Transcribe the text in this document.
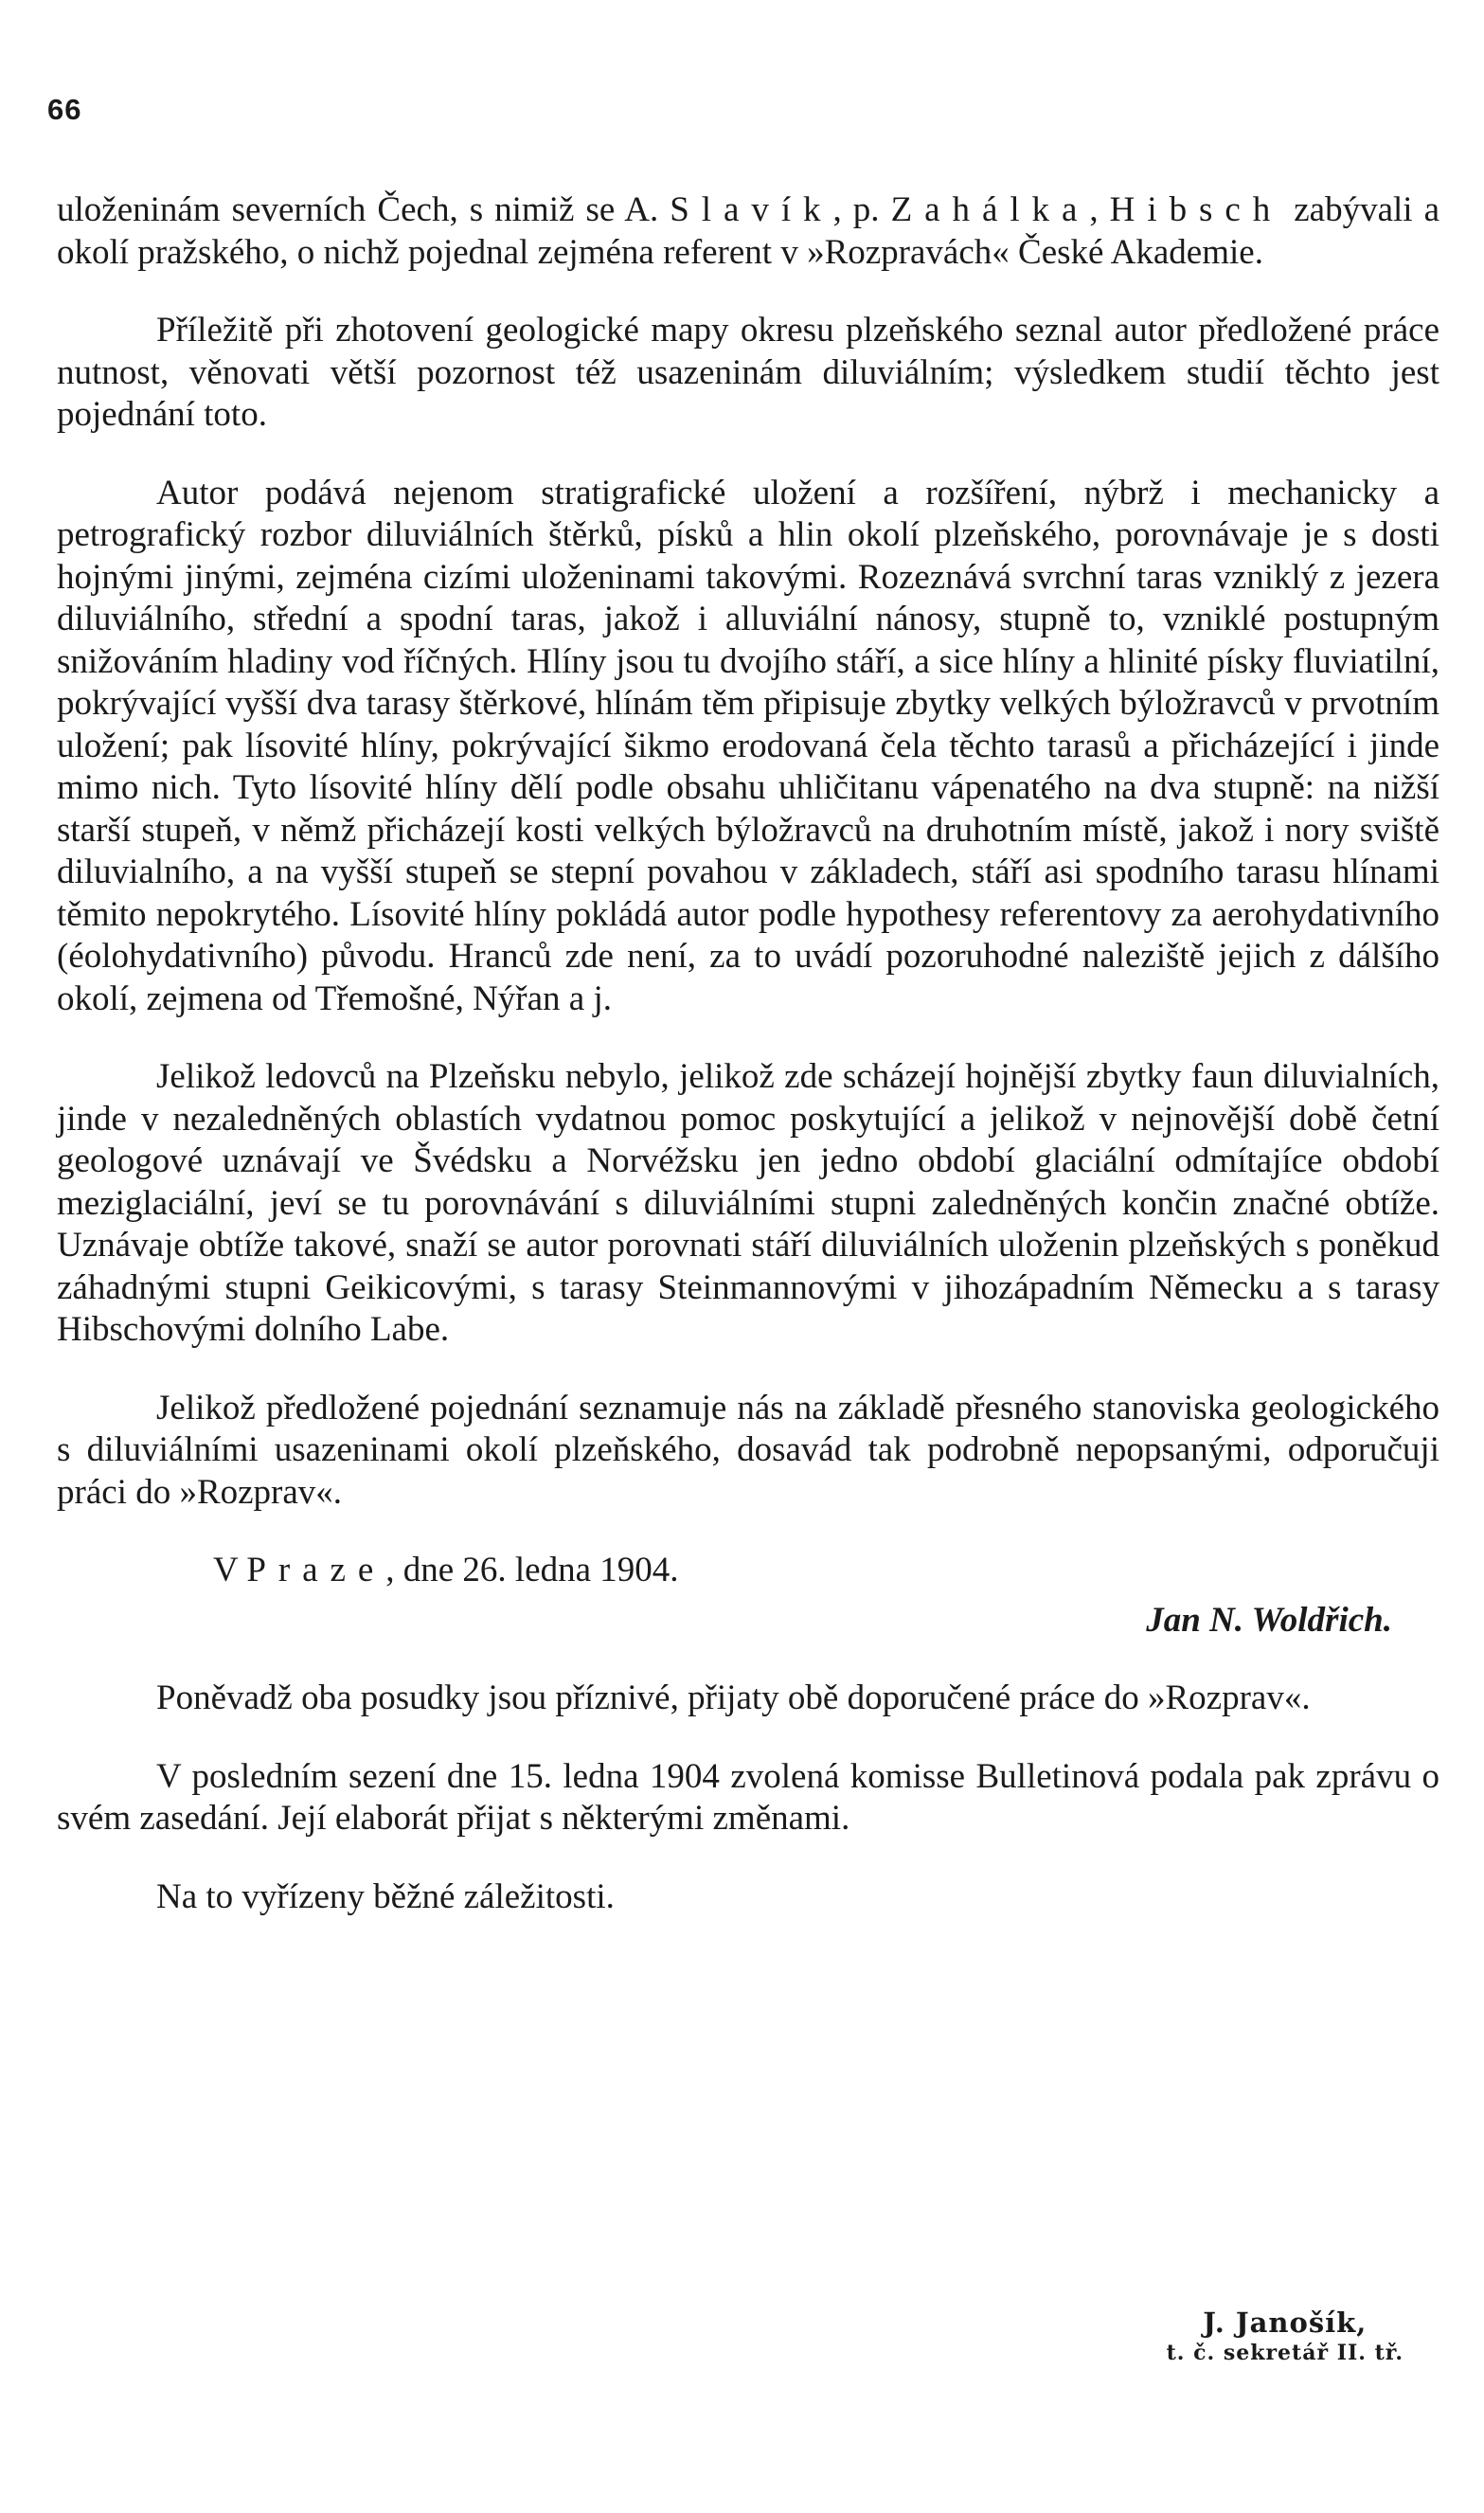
66

uloženinám severních Čech, s nimiž se A. Slavík, p. Zahálka, Hibsch zabývali a okolí pražského, o nichž pojednal zejména referent v »Rozpravách« České Akademie.

Příležitě při zhotovení geologické mapy okresu plzeňského seznal autor předložené práce nutnost, věnovati větší pozornost též usazeninám diluviálním; výsledkem studií těchto jest pojednání toto.

Autor podává nejenom stratigrafické uložení a rozšíření, nýbrž i mechanicky a petrografický rozbor diluviálních štěrků, písků a hlin okolí plzeňského, porovnávaje je s dosti hojnými jinými, zejména cizími uloženinami takovými. Rozeznává svrchní taras vzniklý z jezera diluviálního, střední a spodní taras, jakož i alluviální nánosy, stupně to, vzniklé postupným snižováním hladiny vod říčných. Hlíny jsou tu dvojího stáří, a sice hlíny a hlinité písky fluviatilní, pokrývající vyšší dva tarasy štěrkové, hlínám těm připisuje zbytky velkých býložravců v prvotním uložení; pak lísovité hlíny, pokrývající šikmo erodovaná čela těchto tarasů a přicházející i jinde mimo nich. Tyto lísovité hlíny dělí podle obsahu uhličitanu vápenatého na dva stupně: na nižší starší stupeň, v němž přicházejí kosti velkých býložravců na druhotním místě, jakož i nory sviště diluvialního, a na vyšší stupeň se stepní povahou v základech, stáří asi spodního tarasu hlínami těmito nepokrytého. Lísovité hlíny pokládá autor podle hypothesy referentovy za aerohydativního (éolohydativního) původu. Hranců zde není, za to uvádí pozoruhodné naleziště jejich z dálšího okolí, zejmena od Třemošné, Nýřan a j.

Jelikož ledovců na Plzeňsku nebylo, jelikož zde scházejí hojnější zbytky faun diluvialních, jinde v nezaledněných oblastích vydatnou pomoc poskytující a jelikož v nejnovější době četní geologové uznávají ve Švédsku a Norvéžsku jen jedno období glaciální odmítajíce období meziglaciální, jeví se tu porovnávání s diluviálními stupni zaledněných končin značné obtíže. Uznávaje obtíže takové, snaží se autor porovnati stáří diluviálních uloženin plzeňských s poněkud záhadnými stupni Geikicovými, s tarasy Steinmannovými v jihozápadním Německu a s tarasy Hibschovými dolního Labe.

Jelikož předložené pojednání seznamuje nás na základě přesného stanoviska geologického s diluviálními usazeninami okolí plzeňského, dosavád tak podrobně nepopsanými, odporučuji práci do »Rozprav«.

V Praze, dne 26. ledna 1904.

Jan N. Woldřich.

Poněvadž oba posudky jsou příznivé, přijaty obě doporučené práce do »Rozprav«.

V posledním sezení dne 15. ledna 1904 zvolená komisse Bulletinová podala pak zprávu o svém zasedání. Její elaborát přijat s některými změnami.

Na to vyřízeny běžné záležitosti.

J. Janošík,
t. č. sekretář II. tř.
